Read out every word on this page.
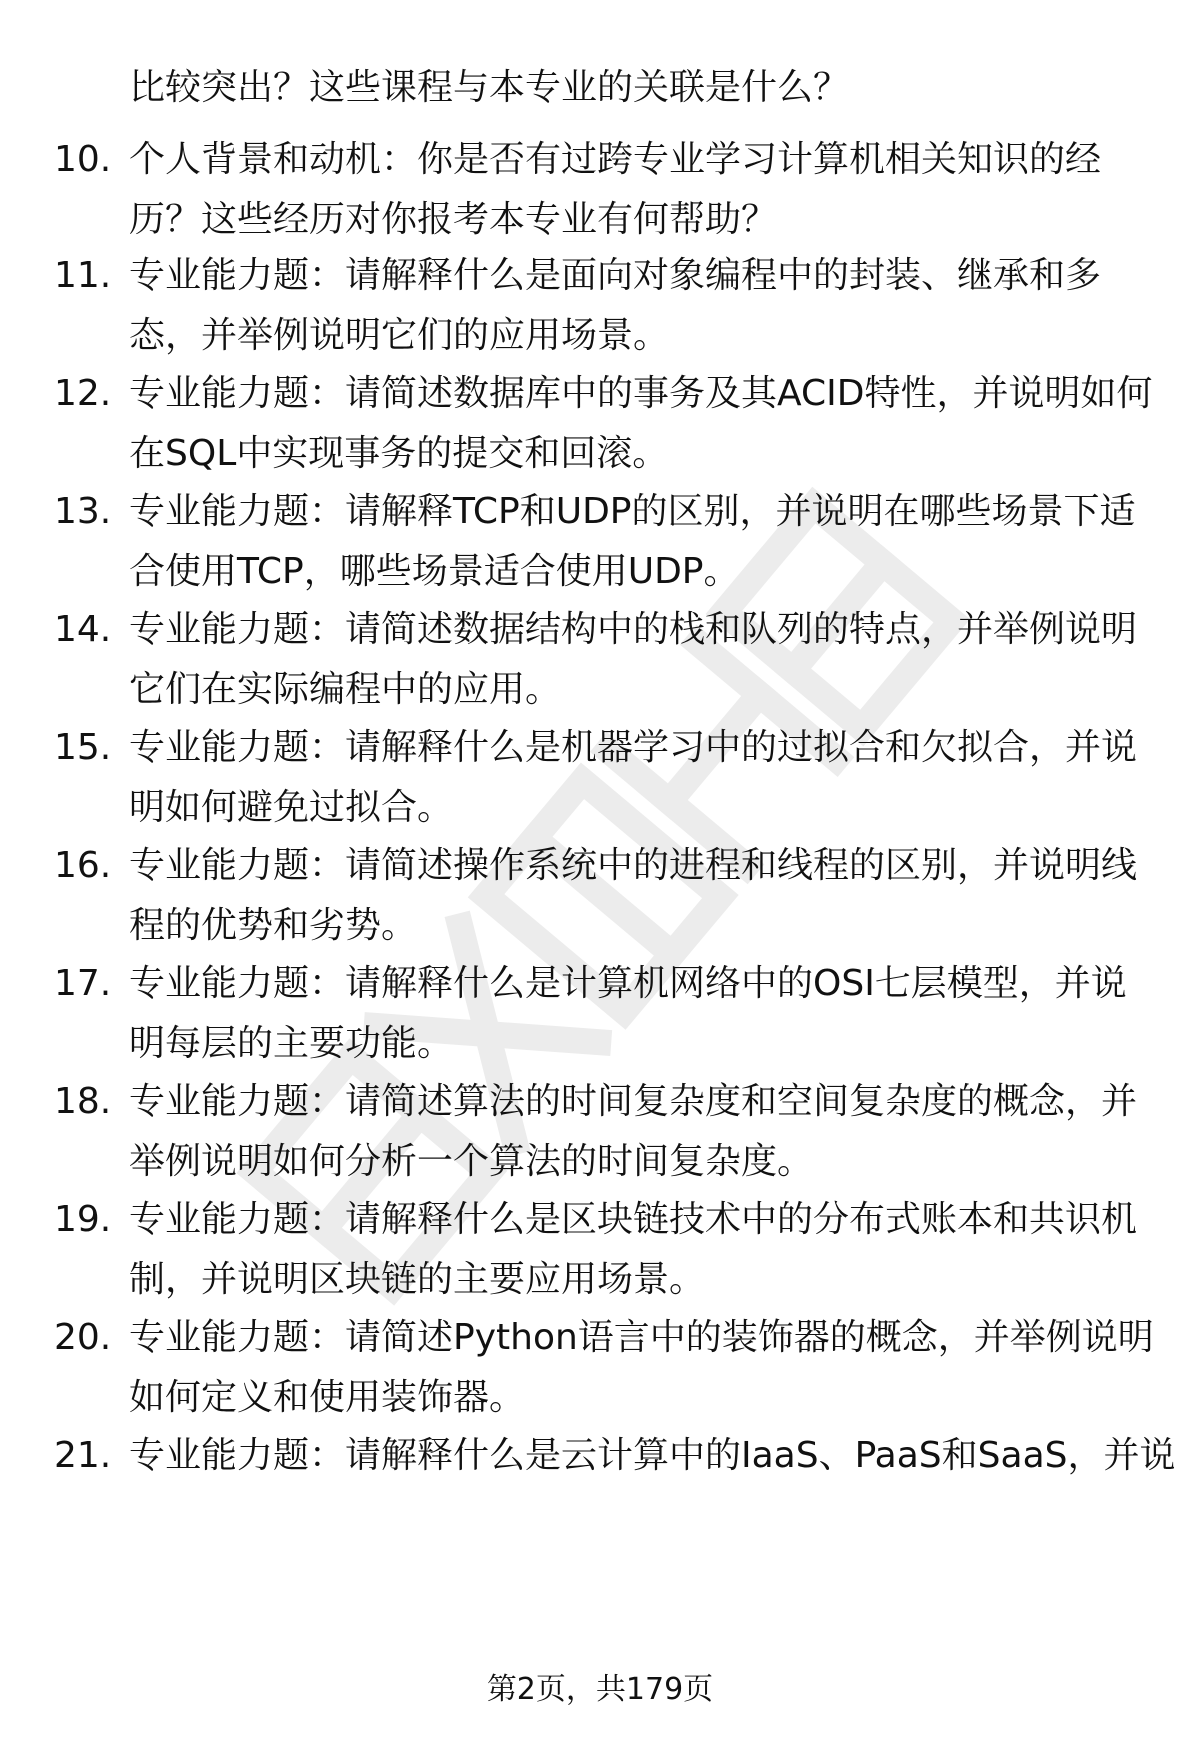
比较突出？这些课程与本专业的关联是什么？
10. 个人背景和动机：你是否有过跨专业学习计算机相关知识的经
历？这些经历对你报考本专业有何帮助？
11. 专业能力题：请解释什么是面向对象编程中的封装、继承和多
态，并举例说明它们的应用场景。
12. 专业能力题：请简述数据库中的事务及其ACID特性，并说明如何
在SQL中实现事务的提交和回滚。
13. 专业能力题：请解释TCP和UDP的区别，并说明在哪些场景下适
合使用TCP，哪些场景适合使用UDP。
14. 专业能力题：请简述数据结构中的栈和队列的特点，并举例说明
它们在实际编程中的应用。
15. 专业能力题：请解释什么是机器学习中的过拟合和欠拟合，并说
明如何避免过拟合。
16. 专业能力题：请简述操作系统中的进程和线程的区别，并说明线
程的优势和劣势。
17. 专业能力题：请解释什么是计算机网络中的OSI七层模型，并说
明每层的主要功能。
18. 专业能力题：请简述算法的时间复杂度和空间复杂度的概念，并
举例说明如何分析一个算法的时间复杂度。
19. 专业能力题：请解释什么是区块链技术中的分布式账本和共识机
制，并说明区块链的主要应用场景。
20. 专业能力题：请简述Python语言中的装饰器的概念，并举例说明
如何定义和使用装饰器。
21. 专业能力题：请解释什么是云计算中的IaaS、PaaS和SaaS，并说
第2页，共179页
